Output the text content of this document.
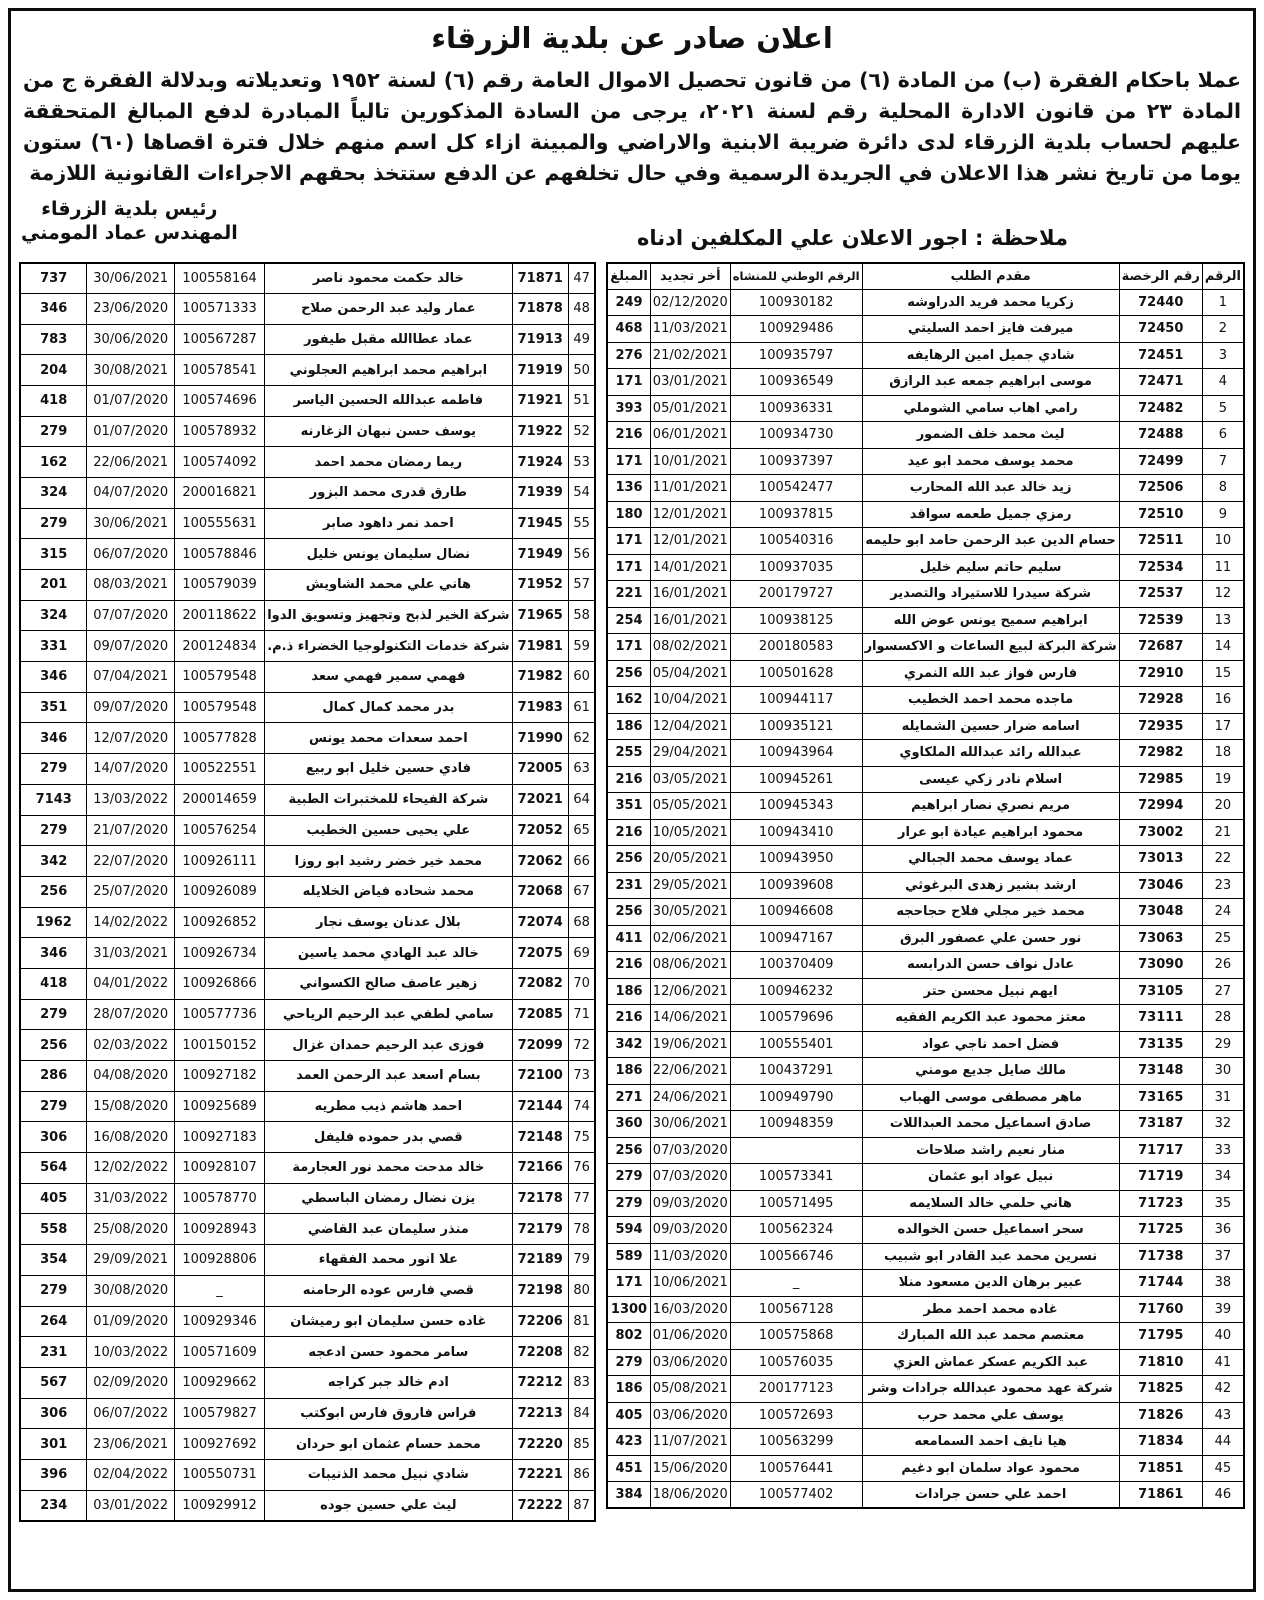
اعلان صادر عن بلدية الزرقاء
عملا باحكام الفقرة (ب) من المادة (٦) من قانون تحصيل الاموال العامة رقم (٦) لسنة ١٩٥٢ وتعديلاته وبدلالة الفقرة ج من المادة ٢٣ من قانون الادارة المحلية رقم لسنة ٢٠٢١، يرجى من السادة المذكورين تالياً المبادرة لدفع المبالغ المتحققة عليهم لحساب بلدية الزرقاء لدى دائرة ضريبة الابنية والاراضي والمبينة ازاء كل اسم منهم خلال فترة اقصاها (٦٠) ستون يوما من تاريخ نشر هذا الاعلان في الجريدة الرسمية وفي حال تخلفهم عن الدفع ستتخذ بحقهم الاجراءات القانونية اللازمة
ملاحظة : اجور الاعلان علي المكلفين ادناه
رئيس بلدية الزرقاء
المهندس عماد المومني
الرقم	رقم الرخصة	مقدم الطلب	الرقم الوطني للمنشاه	أخر تجديد	المبلغ
1	72440	زكريا محمد فريد الدراوشه	100930182	02/12/2020	249
2	72450	ميرفت فايز احمد السليتي	100929486	11/03/2021	468
3	72451	شادي جميل امين الرهايفه	100935797	21/02/2021	276
4	72471	موسى ابراهيم جمعه عبد الرازق	100936549	03/01/2021	171
5	72482	رامي اهاب سامي الشوملي	100936331	05/01/2021	393
6	72488	ليث محمد خلف الضمور	100934730	06/01/2021	216
7	72499	محمد يوسف محمد ابو عيد	100937397	10/01/2021	171
8	72506	زيد خالد عبد الله المحارب	100542477	11/01/2021	136
9	72510	رمزي جميل طعمه سواقد	100937815	12/01/2021	180
10	72511	حسام الدين عبد الرحمن حامد ابو حليمه	100540316	12/01/2021	171
11	72534	سليم حاتم سليم خليل	100937035	14/01/2021	171
12	72537	شركة سيدرا للاستيراد والتصدير	200179727	16/01/2021	221
13	72539	ابراهيم سميح يونس عوض الله	100938125	16/01/2021	254
14	72687	شركة البركة لبيع الساعات و الاكسسوار	200180583	08/02/2021	171
15	72910	فارس فواز عبد الله النمري	100501628	05/04/2021	256
16	72928	ماجده محمد احمد الخطيب	100944117	10/04/2021	162
17	72935	اسامه ضرار حسين الشمايله	100935121	12/04/2021	186
18	72982	عبدالله رائد عبدالله الملكاوي	100943964	29/04/2021	255
19	72985	اسلام نادر زكي عيسى	100945261	03/05/2021	216
20	72994	مريم نصري نصار ابراهيم	100945343	05/05/2021	351
21	73002	محمود ابراهيم عيادة ابو عرار	100943410	10/05/2021	216
22	73013	عماد يوسف محمد الجبالي	100943950	20/05/2021	256
23	73046	ارشد بشير زهدى البرغوثي	100939608	29/05/2021	231
24	73048	محمد خير مجلي فلاح حجاحجه	100946608	30/05/2021	256
25	73063	نور حسن علي عصفور البرق	100947167	02/06/2021	411
26	73090	عادل نواف حسن الدرابسه	100370409	08/06/2021	216
27	73105	ايهم نبيل محسن حتر	100946232	12/06/2021	186
28	73111	معتز محمود عبد الكريم الفقيه	100579696	14/06/2021	216
29	73135	فضل احمد ناجي عواد	100555401	19/06/2021	342
30	73148	مالك صايل جديع مومني	100437291	22/06/2021	186
31	73165	ماهر مصطفى موسى الهباب	100949790	24/06/2021	271
32	73187	صادق اسماعيل محمد العبداللات	100948359	30/06/2021	360
33	71717	منار نعيم راشد صلاحات		07/03/2020	256
34	71719	نبيل عواد ابو عثمان	100573341	07/03/2020	279
35	71723	هاني حلمي خالد السلايمه	100571495	09/03/2020	279
36	71725	سحر اسماعيل حسن الخوالده	100562324	09/03/2020	594
37	71738	نسرين محمد عبد القادر ابو شبيب	100566746	11/03/2020	589
38	71744	عبير برهان الدين مسعود منلا	_	10/06/2021	171
39	71760	غاده محمد احمد مطر	100567128	16/03/2020	1300
40	71795	معتصم محمد عبد الله المبارك	100575868	01/06/2020	802
41	71810	عبد الكريم عسكر عماش العزي	100576035	03/06/2020	279
42	71825	شركة عهد محمود عبدالله جرادات وشر	200177123	05/08/2021	186
43	71826	يوسف علي محمد حرب	100572693	03/06/2020	405
44	71834	هيا نايف احمد السمامعه	100563299	11/07/2021	423
45	71851	محمود عواد سلمان ابو دغيم	100576441	15/06/2020	451
46	71861	احمد علي حسن جرادات	100577402	18/06/2020	384
47	71871	خالد حكمت محمود ناصر	100558164	30/06/2021	737
48	71878	عمار وليد عبد الرحمن صلاح	100571333	23/06/2020	346
49	71913	عماد عطاالله مقبل طيفور	100567287	30/06/2020	783
50	71919	ابراهيم محمد ابراهيم العجلوني	100578541	30/08/2021	204
51	71921	فاطمه عبدالله الحسين الياسر	100574696	01/07/2020	418
52	71922	يوسف حسن نبهان الزغارنه	100578932	01/07/2020	279
53	71924	ريما رمضان محمد احمد	100574092	22/06/2021	162
54	71939	طارق قدرى محمد البزور	200016821	04/07/2020	324
55	71945	احمد نمر داهود صابر	100555631	30/06/2021	279
56	71949	نضال سليمان يونس خليل	100578846	06/07/2020	315
57	71952	هاني علي محمد الشاويش	100579039	08/03/2021	201
58	71965	شركة الخير لذبح وتجهيز وتسويق الدوا	200118622	07/07/2020	324
59	71981	شركة خدمات التكنولوجيا الخضراء ذ.م.	200124834	09/07/2020	331
60	71982	فهمي سمير فهمي سعد	100579548	07/04/2021	346
61	71983	بدر محمد كمال كمال	100579548	09/07/2020	351
62	71990	احمد سعدات محمد يونس	100577828	12/07/2020	346
63	72005	فادي حسين خليل ابو ربيع	100522551	14/07/2020	279
64	72021	شركة الفيحاء للمختبرات الطبية	200014659	13/03/2022	7143
65	72052	علي يحيى حسين الخطيب	100576254	21/07/2020	279
66	72062	محمد خير خضر رشيد ابو روزا	100926111	22/07/2020	342
67	72068	محمد شحاده فياض الخلايله	100926089	25/07/2020	256
68	72074	بلال عدنان يوسف نجار	100926852	14/02/2022	1962
69	72075	خالد عبد الهادي محمد ياسين	100926734	31/03/2021	346
70	72082	زهير عاصف صالح الكسواني	100926866	04/01/2022	418
71	72085	سامي لطفي عبد الرحيم الرياحي	100577736	28/07/2020	279
72	72099	فوزى عبد الرحيم حمدان غزال	100150152	02/03/2022	256
73	72100	بسام اسعد عبد الرحمن العمد	100927182	04/08/2020	286
74	72144	احمد هاشم ذيب مطريه	100925689	15/08/2020	279
75	72148	قصي بدر حموده فليفل	100927183	16/08/2020	306
76	72166	خالد مدحت محمد نور العجارمة	100928107	12/02/2022	564
77	72178	يزن نضال رمضان الباسطي	100578770	31/03/2022	405
78	72179	منذر سليمان عبد القاضي	100928943	25/08/2020	558
79	72189	علا انور محمد الفقهاء	100928806	29/09/2021	354
80	72198	قصي فارس عوده الرحامنه	_	30/08/2020	279
81	72206	غاده حسن سليمان ابو رميشان	100929346	01/09/2020	264
82	72208	سامر محمود حسن ادعجه	100571609	10/03/2022	231
83	72212	ادم خالد جبر كراجه	100929662	02/09/2020	567
84	72213	فراس فاروق فارس ابوكتب	100579827	06/07/2022	306
85	72220	محمد حسام عثمان ابو حردان	100927692	23/06/2021	301
86	72221	شادي نبيل محمد الذنيبات	100550731	02/04/2022	396
87	72222	ليث علي حسين جوده	100929912	03/01/2022	234
